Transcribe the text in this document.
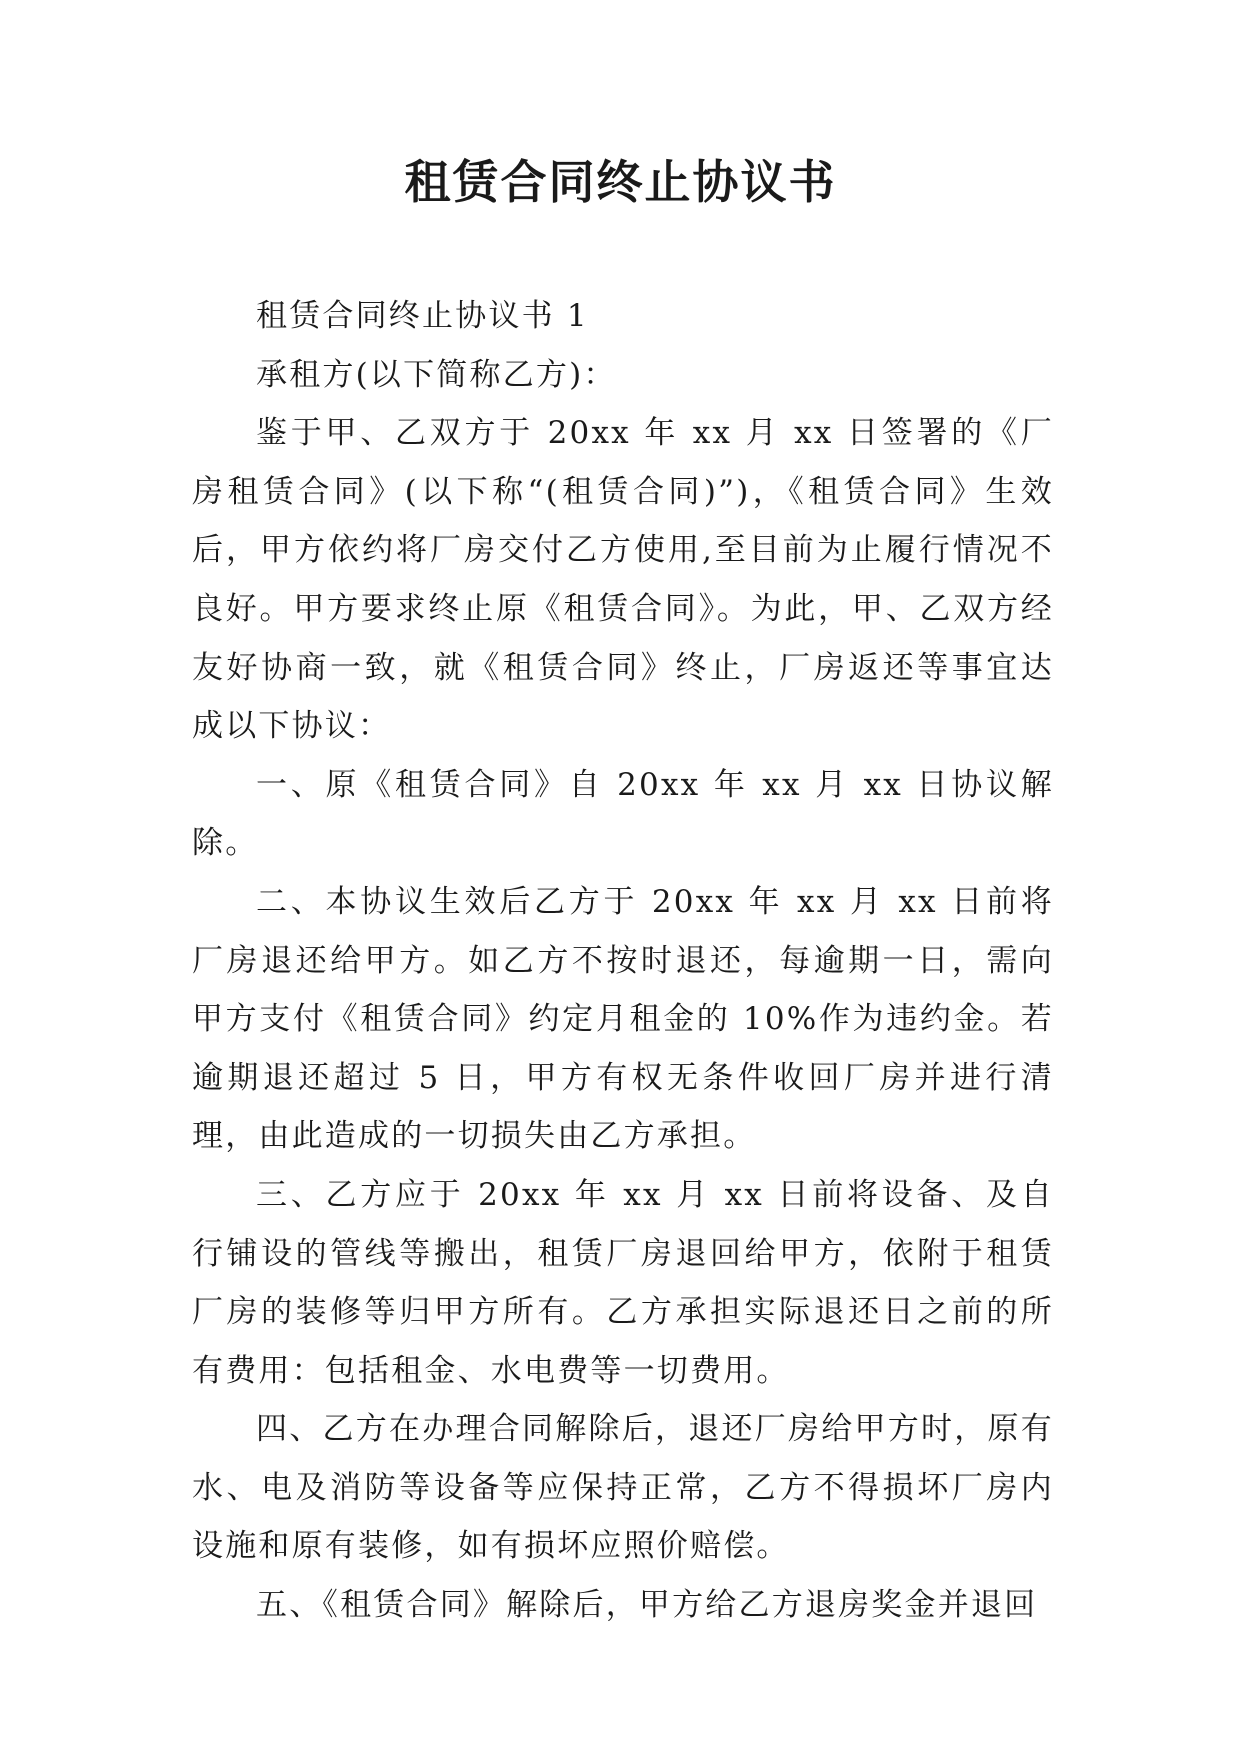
租赁合同终止协议书

租赁合同终止协议书 1

承租方(以下简称乙方)：

鉴于甲、乙双方于 20xx 年 xx 月 xx 日签署的《厂房租赁合同》(以下称“(租赁合同)”)，《租赁合同》生效后，甲方依约将厂房交付乙方使用,至目前为止履行情况不良好。甲方要求终止原《租赁合同》。为此，甲、乙双方经友好协商一致，就《租赁合同》终止，厂房返还等事宜达成以下协议：

一、原《租赁合同》自 20xx 年 xx 月 xx 日协议解除。

二、本协议生效后乙方于 20xx 年 xx 月 xx 日前将厂房退还给甲方。如乙方不按时退还，每逾期一日，需向甲方支付《租赁合同》约定月租金的 10%作为违约金。若逾期退还超过 5 日，甲方有权无条件收回厂房并进行清理，由此造成的一切损失由乙方承担。

三、乙方应于 20xx 年 xx 月 xx 日前将设备、及自行铺设的管线等搬出，租赁厂房退回给甲方，依附于租赁厂房的装修等归甲方所有。乙方承担实际退还日之前的所有费用：包括租金、水电费等一切费用。

四、乙方在办理合同解除后，退还厂房给甲方时，原有水、电及消防等设备等应保持正常，乙方不得损坏厂房内设施和原有装修，如有损坏应照价赔偿。

五、《租赁合同》解除后，甲方给乙方退房奖金并退回
